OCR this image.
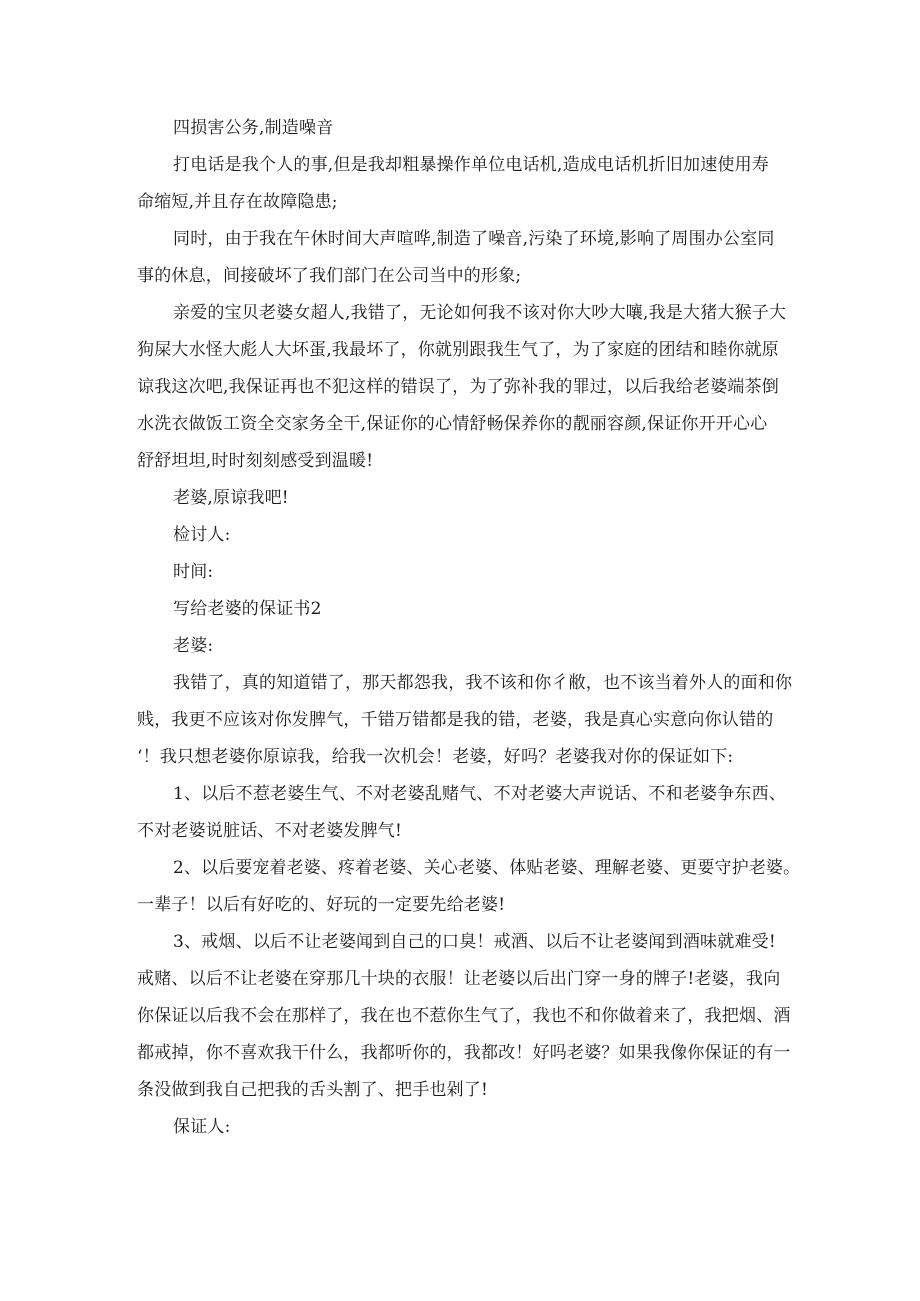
四损害公务,制造噪音
打电话是我个人的事,但是我却粗暴操作单位电话机,造成电话机折旧加速使用寿
命缩短,并且存在故障隐患;
同时，由于我在午休时间大声喧哗,制造了噪音,污染了环境,影响了周围办公室同
事的休息，间接破坏了我们部门在公司当中的形象;
亲爱的宝贝老婆女超人,我错了，无论如何我不该对你大吵大嚷,我是大猪大猴子大
狗屎大水怪大彪人大坏蛋,我最坏了，你就别跟我生气了，为了家庭的团结和睦你就原
谅我这次吧,我保证再也不犯这样的错误了，为了弥补我的罪过，以后我给老婆端茶倒
水洗衣做饭工资全交家务全干,保证你的心情舒畅保养你的靓丽容颜,保证你开开心心
舒舒坦坦,时时刻刻感受到温暖!
老婆,原谅我吧!
检讨人:
时间:
写给老婆的保证书2
老婆:
我错了，真的知道错了，那天都怨我，我不该和你彳敝，也不该当着外人的面和你
贱，我更不应该对你发脾气，千错万错都是我的错，老婆，我是真心实意向你认错的
‘！我只想老婆你原谅我，给我一次机会！老婆，好吗？老婆我对你的保证如下:
1、以后不惹老婆生气、不对老婆乱赌气、不对老婆大声说话、不和老婆争东西、
不对老婆说脏话、不对老婆发脾气!
2、以后要宠着老婆、疼着老婆、关心老婆、体贴老婆、理解老婆、更要守护老婆。
一辈子！以后有好吃的、好玩的一定要先给老婆!
3、戒烟、以后不让老婆闻到自己的口臭！戒酒、以后不让老婆闻到酒味就难受!
戒赌、以后不让老婆在穿那几十块的衣服！让老婆以后出门穿一身的牌子!老婆，我向
你保证以后我不会在那样了，我在也不惹你生气了，我也不和你做着来了，我把烟、酒
都戒掉，你不喜欢我干什么，我都听你的，我都改！好吗老婆？如果我像你保证的有一
条没做到我自己把我的舌头割了、把手也剁了!
保证人:
